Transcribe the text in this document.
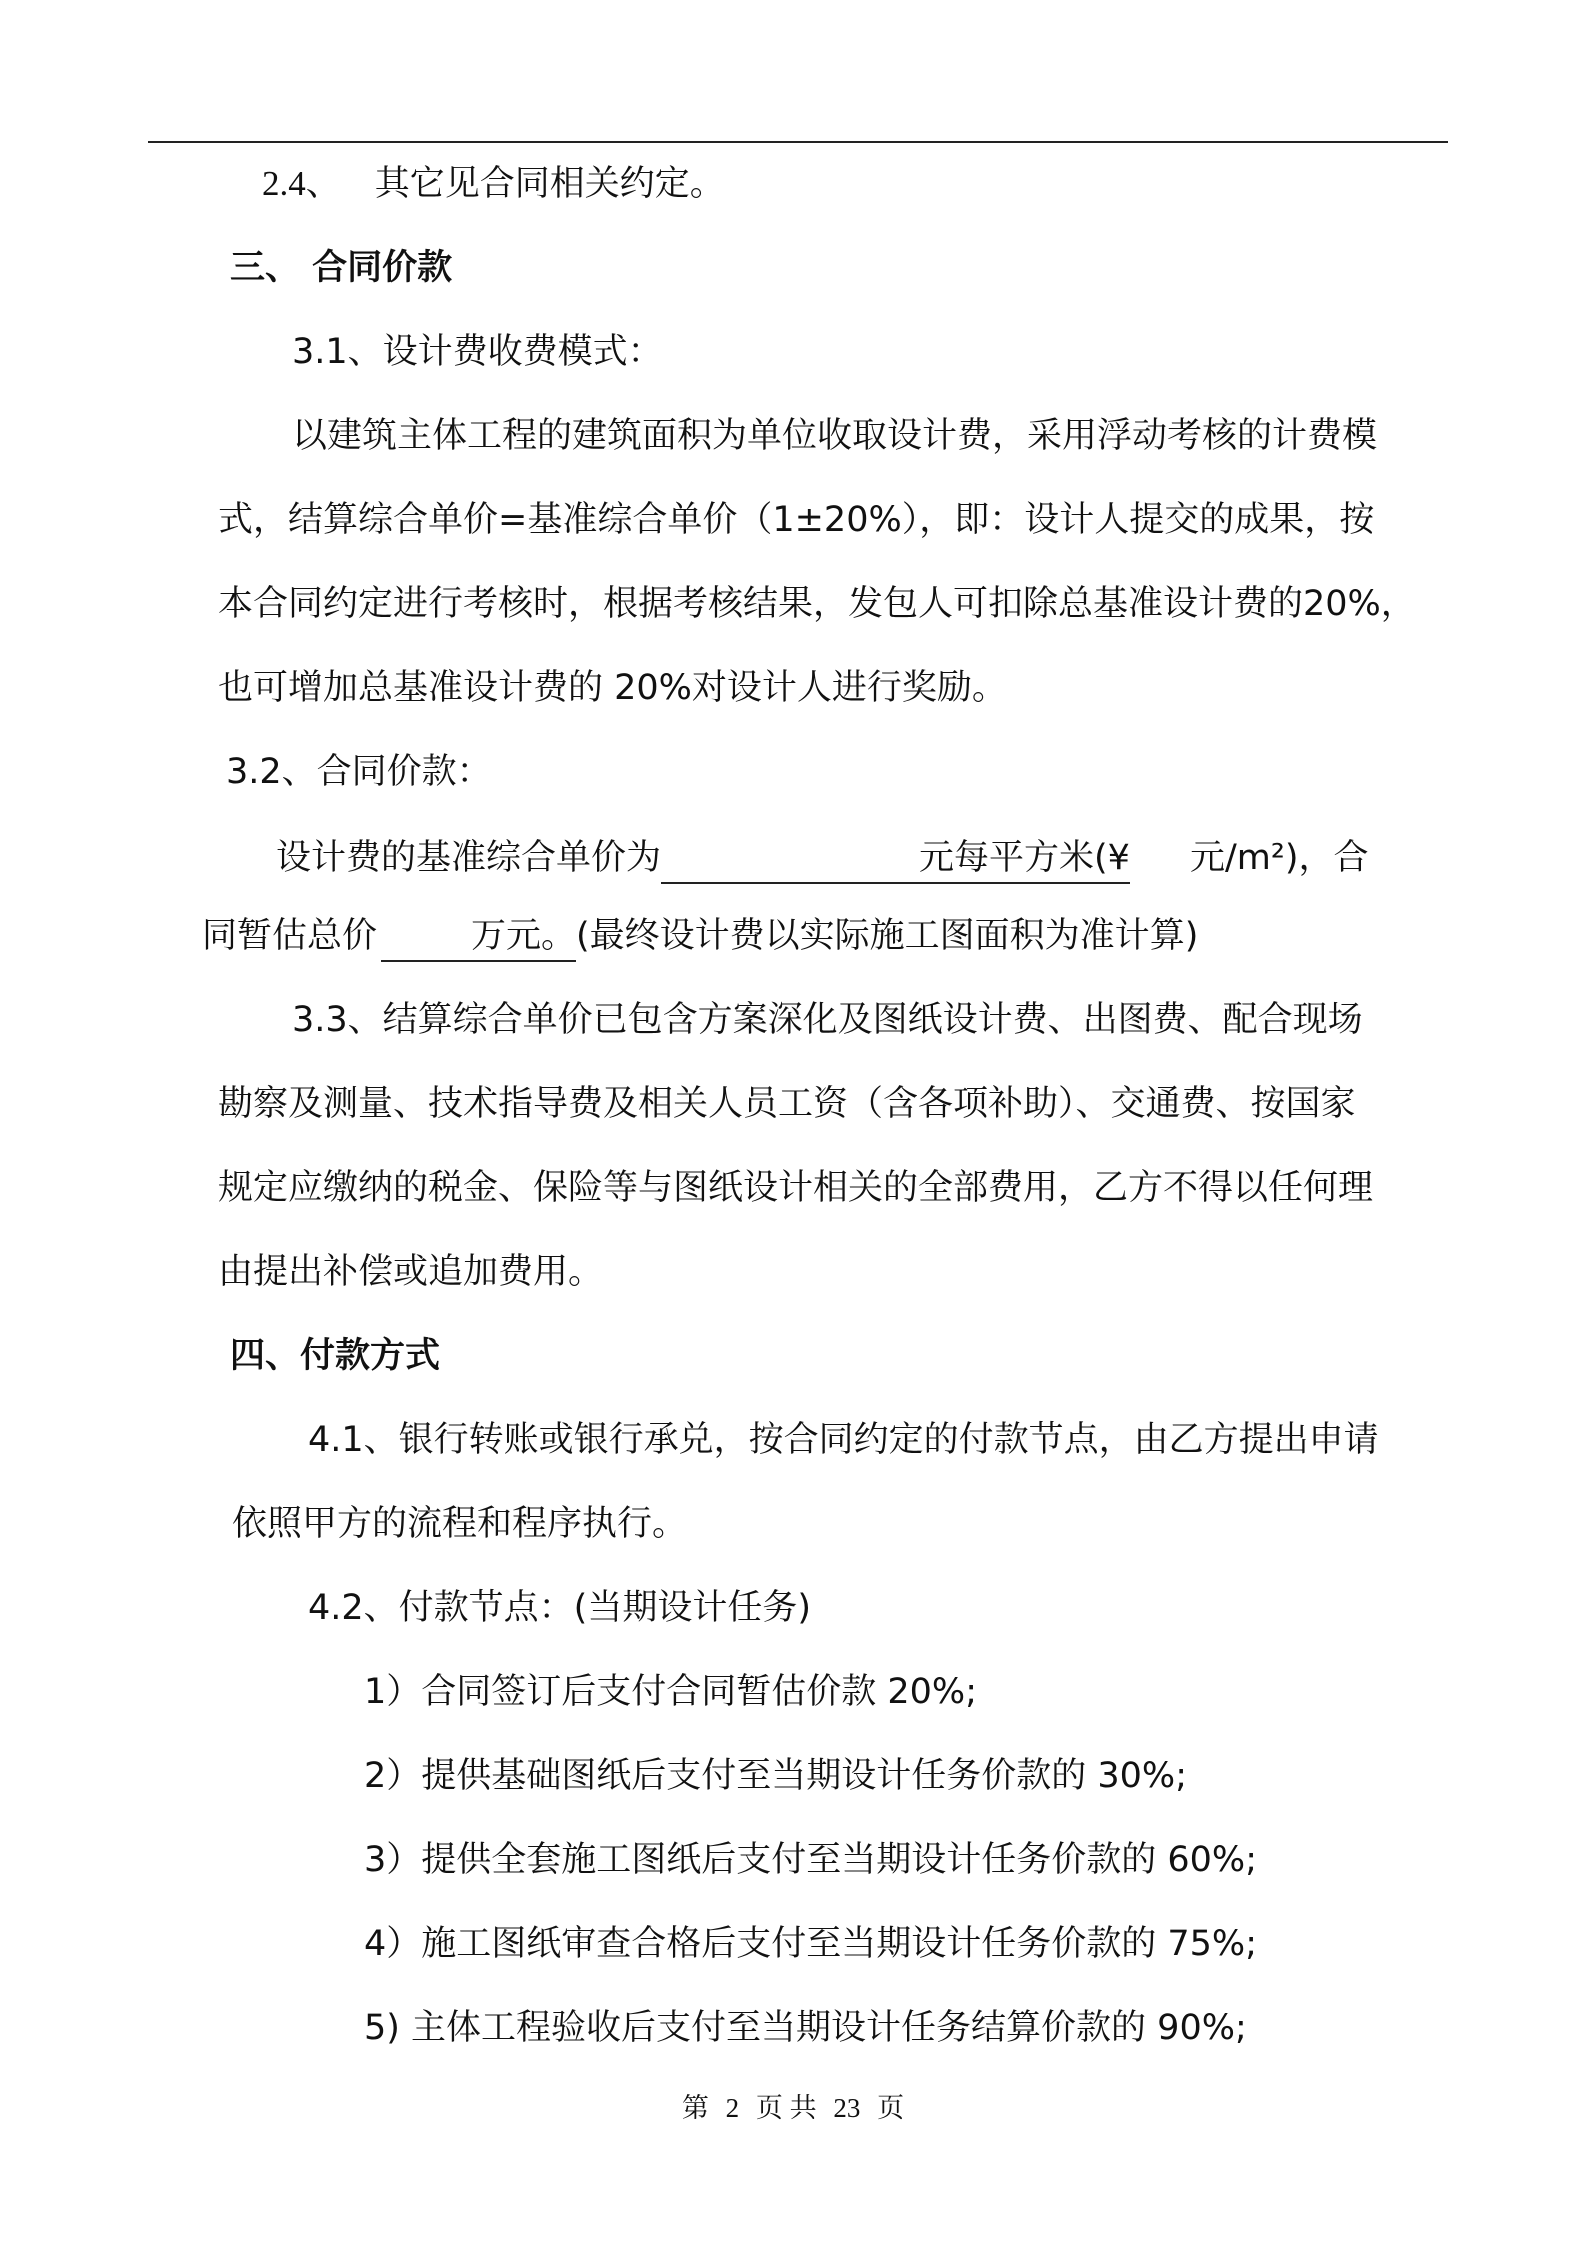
2.4、 其它见合同相关约定。
三、 合同价款
3.1、设计费收费模式：
以建筑主体工程的建筑面积为单位收取设计费，采用浮动考核的计费模
式，结算综合单价=基准综合单价（1±20%），即：设计人提交的成果，按
本合同约定进行考核时，根据考核结果，发包人可扣除总基准设计费的20%，
也可增加总基准设计费的 20%对设计人进行奖励。
3.2、合同价款：
设计费的基准综合单价为	元每平方米(¥ 元/m²)，合
同暂估总价	万元。(最终设计费以实际施工图面积为准计算)
3.3、结算综合单价已包含方案深化及图纸设计费、出图费、配合现场
勘察及测量、技术指导费及相关人员工资（含各项补助）、交通费、按国家
规定应缴纳的税金、保险等与图纸设计相关的全部费用，乙方不得以任何理
由提出补偿或追加费用。
四、付款方式
4.1、银行转账或银行承兑，按合同约定的付款节点，由乙方提出申请
依照甲方的流程和程序执行。
4.2、付款节点：(当期设计任务)
1）合同签订后支付合同暂估价款 20%;
2）提供基础图纸后支付至当期设计任务价款的 30%;
3）提供全套施工图纸后支付至当期设计任务价款的 60%;
4）施工图纸审查合格后支付至当期设计任务价款的 75%;
5) 主体工程验收后支付至当期设计任务结算价款的 90%;
第 2 页 共 23 页
